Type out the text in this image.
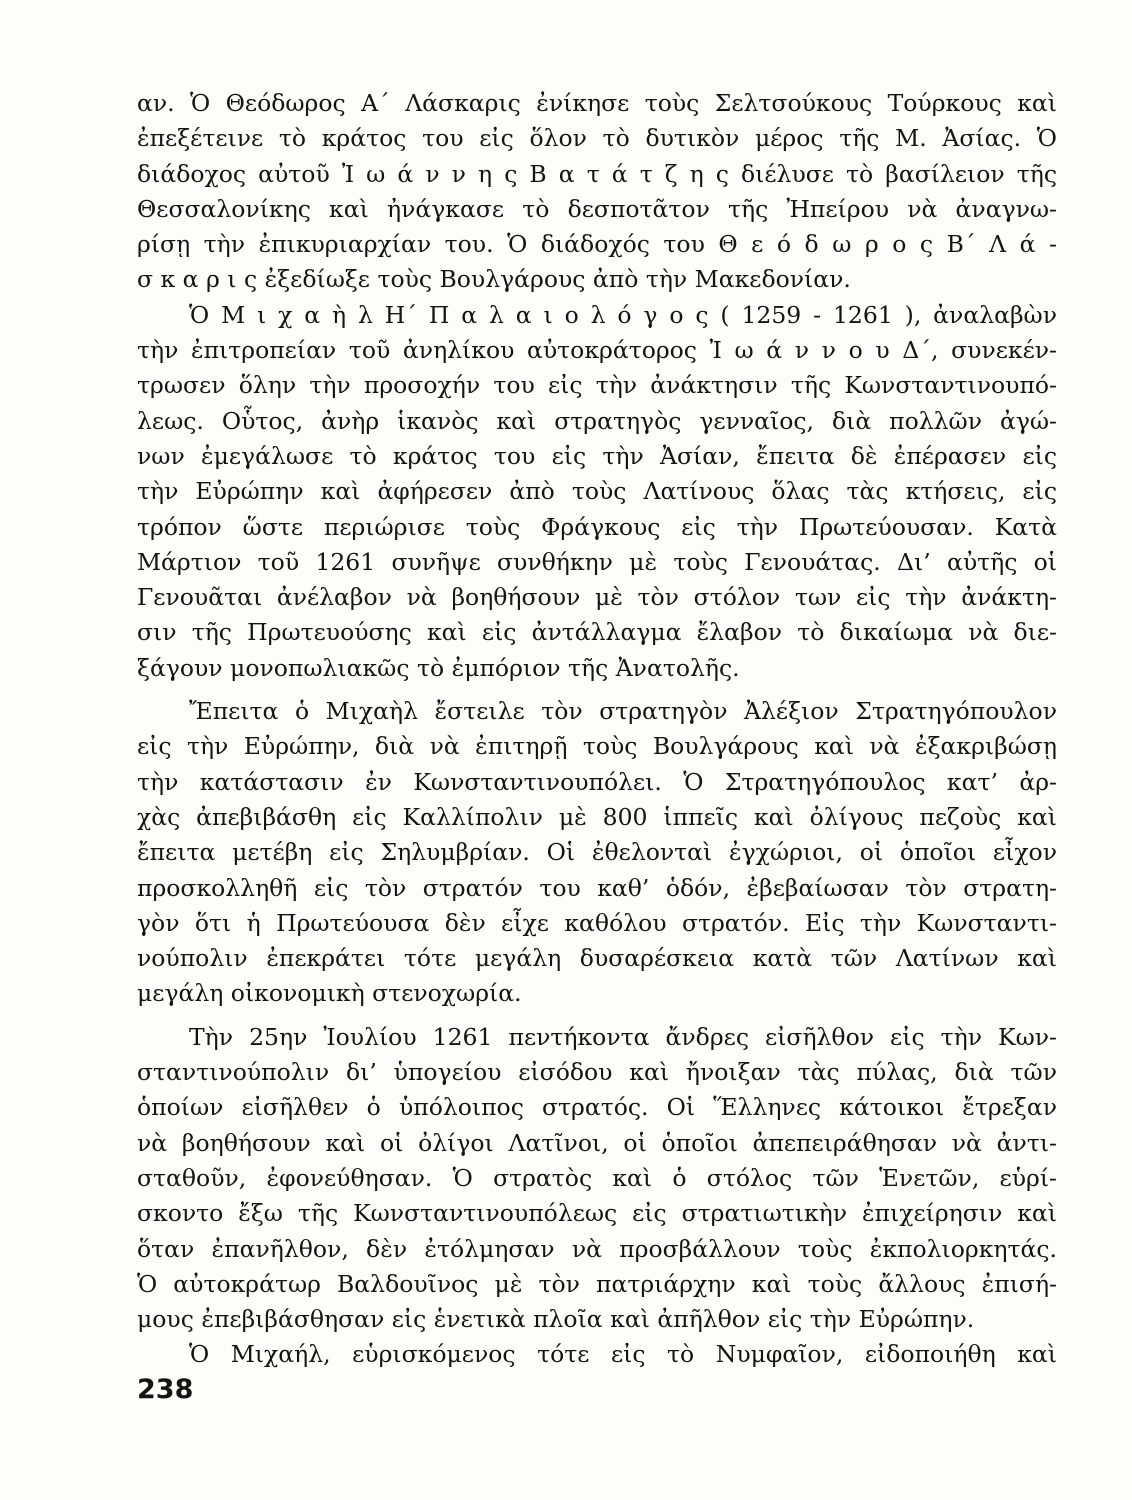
αν. Ὁ Θεόδωρος Α΄ Λάσκαρις ἐνίκησε τοὺς Σελτσούκους Τούρκους καὶ
ἐπεξέτεινε τὸ κράτος του εἰς ὅλον τὸ δυτικὸν μέρος τῆς Μ. Ἀσίας. Ὁ
διάδοχος αὐτοῦ Ἰ ω ά ν ν η ς Β α τ ά τ ζ η ς διέλυσε τὸ βασίλειον τῆς
Θεσσαλονίκης καὶ ἠνάγκασε τὸ δεσποτᾶτον τῆς Ἠπείρου νὰ ἀναγνω-
ρίσῃ τὴν ἐπικυριαρχίαν του. Ὁ διάδοχός του Θ ε ό δ ω ρ ο ς Β΄ Λ ά -
σ κ α ρ ι ς ἐξεδίωξε τοὺς Βουλγάρους ἀπὸ τὴν Μακεδονίαν.

Ὁ Μ ι χ α ὴ λ Η΄ Π α λ α ι ο λ ό γ ο ς ( 1259 - 1261 ), ἀναλαβὼν
τὴν ἐπιτροπείαν τοῦ ἀνηλίκου αὐτοκράτορος Ἰ ω ά ν ν ο υ Δ΄, συνεκέν-
τρωσεν ὅλην τὴν προσοχήν του εἰς τὴν ἀνάκτησιν τῆς Κωνσταντινουπό-
λεως. Οὗτος, ἀνὴρ ἱκανὸς καὶ στρατηγὸς γενναῖος, διὰ πολλῶν ἀγώ-
νων ἐμεγάλωσε τὸ κράτος του εἰς τὴν Ἀσίαν, ἔπειτα δὲ ἐπέρασεν εἰς
τὴν Εὐρώπην καὶ ἀφήρεσεν ἀπὸ τοὺς Λατίνους ὅλας τὰς κτήσεις, εἰς
τρόπον ὥστε περιώρισε τοὺς Φράγκους εἰς τὴν Πρωτεύουσαν. Κατὰ
Μάρτιον τοῦ 1261 συνῆψε συνθήκην μὲ τοὺς Γενουάτας. Δι’ αὐτῆς οἱ
Γενουᾶται ἀνέλαβον νὰ βοηθήσουν μὲ τὸν στόλον των εἰς τὴν ἀνάκτη-
σιν τῆς Πρωτευούσης καὶ εἰς ἀντάλλαγμα ἔλαβον τὸ δικαίωμα νὰ διε-
ξάγουν μονοπωλιακῶς τὸ ἐμπόριον τῆς Ἀνατολῆς.

Ἔπειτα ὁ Μιχαὴλ ἔστειλε τὸν στρατηγὸν Ἀλέξιον Στρατηγόπουλον
εἰς τὴν Εὐρώπην, διὰ νὰ ἐπιτηρῇ τοὺς Βουλγάρους καὶ νὰ ἐξακριβώσῃ
τὴν κατάστασιν ἐν Κωνσταντινουπόλει. Ὁ Στρατηγόπουλος κατ’ ἀρ-
χὰς ἀπεβιβάσθη εἰς Καλλίπολιν μὲ 800 ἱππεῖς καὶ ὀλίγους πεζοὺς καὶ
ἔπειτα μετέβη εἰς Σηλυμβρίαν. Οἱ ἐθελονταὶ ἐγχώριοι, οἱ ὁποῖοι εἶχον
προσκολληθῆ εἰς τὸν στρατόν του καθ’ ὁδόν, ἐβεβαίωσαν τὸν στρατη-
γὸν ὅτι ἡ Πρωτεύουσα δὲν εἶχε καθόλου στρατόν. Εἰς τὴν Κωνσταντι-
νούπολιν ἐπεκράτει τότε μεγάλη δυσαρέσκεια κατὰ τῶν Λατίνων καὶ
μεγάλη οἰκονομικὴ στενοχωρία.

Τὴν 25ην Ἰουλίου 1261 πεντήκοντα ἄνδρες εἰσῆλθον εἰς τὴν Κων-
σταντινούπολιν δι’ ὑπογείου εἰσόδου καὶ ἤνοιξαν τὰς πύλας, διὰ τῶν
ὁποίων εἰσῆλθεν ὁ ὑπόλοιπος στρατός. Οἱ Ἕλληνες κάτοικοι ἔτρεξαν
νὰ βοηθήσουν καὶ οἱ ὀλίγοι Λατῖνοι, οἱ ὁποῖοι ἀπεπειράθησαν νὰ ἀντι-
σταθοῦν, ἐφονεύθησαν. Ὁ στρατὸς καὶ ὁ στόλος τῶν Ἑνετῶν, εὑρί-
σκοντο ἔξω τῆς Κωνσταντινουπόλεως εἰς στρατιωτικὴν ἐπιχείρησιν καὶ
ὅταν ἐπανῆλθον, δὲν ἐτόλμησαν νὰ προσβάλλουν τοὺς ἐκπολιορκητάς.
Ὁ αὐτοκράτωρ Βαλδουῖνος μὲ τὸν πατριάρχην καὶ τοὺς ἄλλους ἐπισή-
μους ἐπεβιβάσθησαν εἰς ἑνετικὰ πλοῖα καὶ ἀπῆλθον εἰς τὴν Εὐρώπην.

Ὁ Μιχαήλ, εὑρισκόμενος τότε εἰς τὸ Νυμφαῖον, εἰδοποιήθη καὶ

238
